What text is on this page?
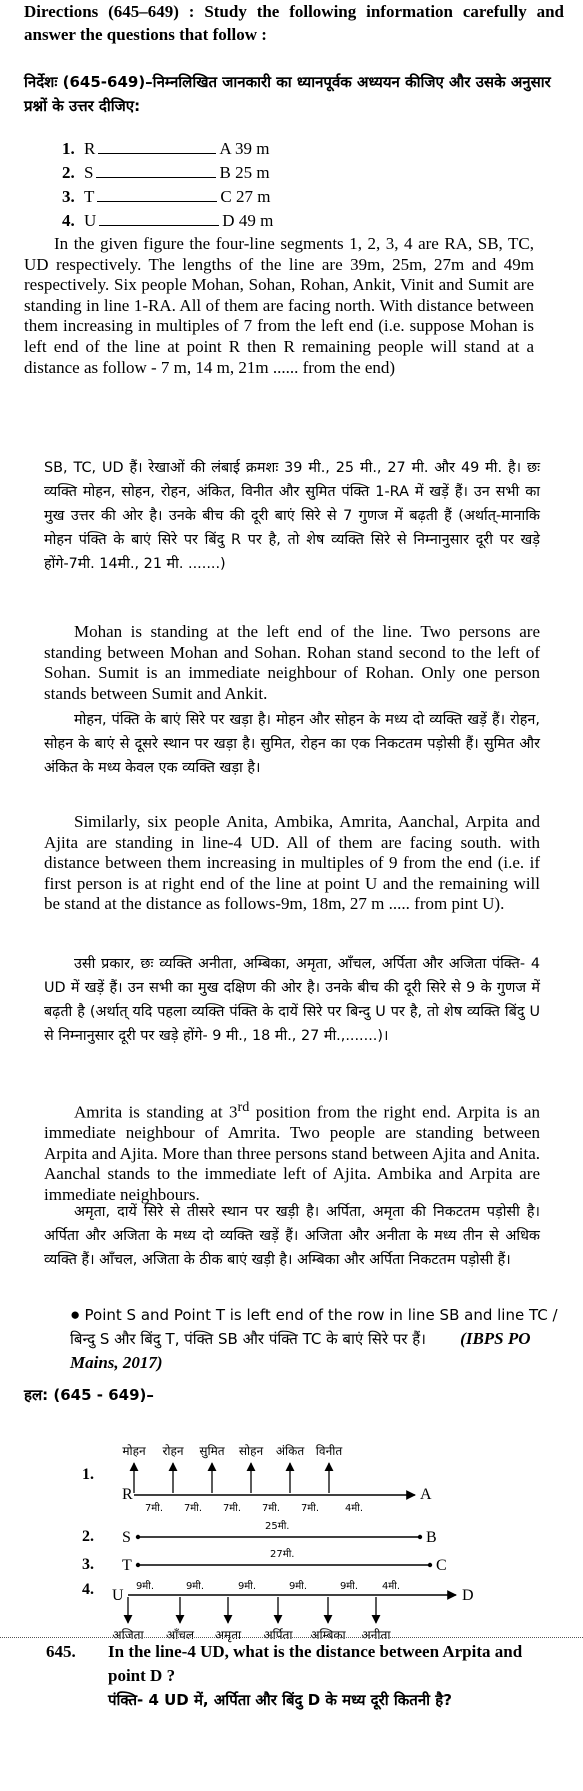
Directions (645–649) : Study the following information carefully and answer the questions that follow :

निर्देशः (645-649)–निम्नलिखित जानकारी का ध्यानपूर्वक अध्ययन कीजिए और उसके अनुसार प्रश्नों के उत्तर दीजिए:

1. R	A 39 m
2. S	B 25 m
3. T	C 27 m
4. U	D 49 m

In the given figure the four-line segments 1, 2, 3, 4 are RA, SB, TC, UD respectively. The lengths of the line are 39m, 25m, 27m and 49m respectively. Six people Mohan, Sohan, Rohan, Ankit, Vinit and Sumit are standing in line 1-RA. All of them are facing north. With distance between them increasing in multiples of 7 from the left end (i.e. suppose Mohan is left end of the line at point R then R remaining people will stand at a distance as follow - 7 m, 14 m, 21m ...... from the end)

SB, TC, UD हैं। रेखाओं की लंबाई क्रमशः 39 मी., 25 मी., 27 मी. और 49 मी. है। छः व्यक्ति मोहन, सोहन, रोहन, अंकित, विनीत और सुमित पंक्ति 1-RA में खड़ें हैं। उन सभी का मुख उत्तर की ओर है। उनके बीच की दूरी बाएं सिरे से 7 गुणज में बढ़ती हैं (अर्थात्-मानाकि मोहन पंक्ति के बाएं सिरे पर बिंदु R पर है, तो शेष व्यक्ति सिरे से निम्नानुसार दूरी पर खड़े होंगे-7मी. 14मी., 21 मी. .......)

Mohan is standing at the left end of the line. Two persons are standing between Mohan and Sohan. Rohan stand second to the left of Sohan. Sumit is an immediate neighbour of Rohan. Only one person stands between Sumit and Ankit.

मोहन, पंक्ति के बाएं सिरे पर खड़ा है। मोहन और सोहन के मध्य दो व्यक्ति खड़ें हैं। रोहन, सोहन के बाएं से दूसरे स्थान पर खड़ा है। सुमित, रोहन का एक निकटतम पड़ोसी हैं। सुमित और अंकित के मध्य केवल एक व्यक्ति खड़ा है।

Similarly, six people Anita, Ambika, Amrita, Aanchal, Arpita and Ajita are standing in line-4 UD. All of them are facing south. with distance between them increasing in multiples of 9 from the end (i.e. if first person is at right end of the line at point U and the remaining will be stand at the distance as follows-9m, 18m, 27 m ..... from pint U).

उसी प्रकार, छः व्यक्ति अनीता, अम्बिका, अमृता, आँचल, अर्पिता और अजिता पंक्ति- 4 UD में खड़ें हैं। उन सभी का मुख दक्षिण की ओर है। उनके बीच की दूरी सिरे से 9 के गुणज में बढ़ती है (अर्थात् यदि पहला व्यक्ति पंक्ति के दायें सिरे पर बिन्दु U पर है, तो शेष व्यक्ति बिंदु U से निम्नानुसार दूरी पर खड़े होंगे- 9 मी., 18 मी., 27 मी.,.......)।

Amrita is standing at 3rd position from the right end. Arpita is an immediate neighbour of Amrita. Two people are standing between Arpita and Ajita. More than three persons stand between Ajita and Anita. Aanchal stands to the immediate left of Ajita. Ambika and Arpita are immediate neighbours.

अमृता, दायें सिरे से तीसरे स्थान पर खड़ी है। अर्पिता, अमृता की निकटतम पड़ोसी है। अर्पिता और अजिता के मध्य दो व्यक्ति खड़ें हैं। अजिता और अनीता के मध्य तीन से अधिक व्यक्ति हैं। आँचल, अजिता के ठीक बाएं खड़ी है। अम्बिका और अर्पिता निकटतम पड़ोसी हैं।

● Point S and Point T is left end of the row in line SB and line TC / बिन्दु S और बिंदु T, पंक्ति SB और पंक्ति TC के बाएं सिरे पर हैं। (IBPS PO Mains, 2017)

हल: (645 - 649)–

1.
मोहन रोहन सुमित सोहन अंकित विनीत
R	A
7मी. 7मी. 7मी. 7मी. 7मी.	4मी.
2. S	B
25मी.
3. T	C
27मी.
4. U	D
9मी.	9मी.	9मी.	9मी.	9मी. 4मी.
अजिता आँचल अमृता अर्पिता अम्बिका अनीता
645.	In the line-4 UD, what is the distance between Arpita and point D ?
पंक्ति- 4 UD में, अर्पिता और बिंदु D के मध्य दूरी कितनी है?
